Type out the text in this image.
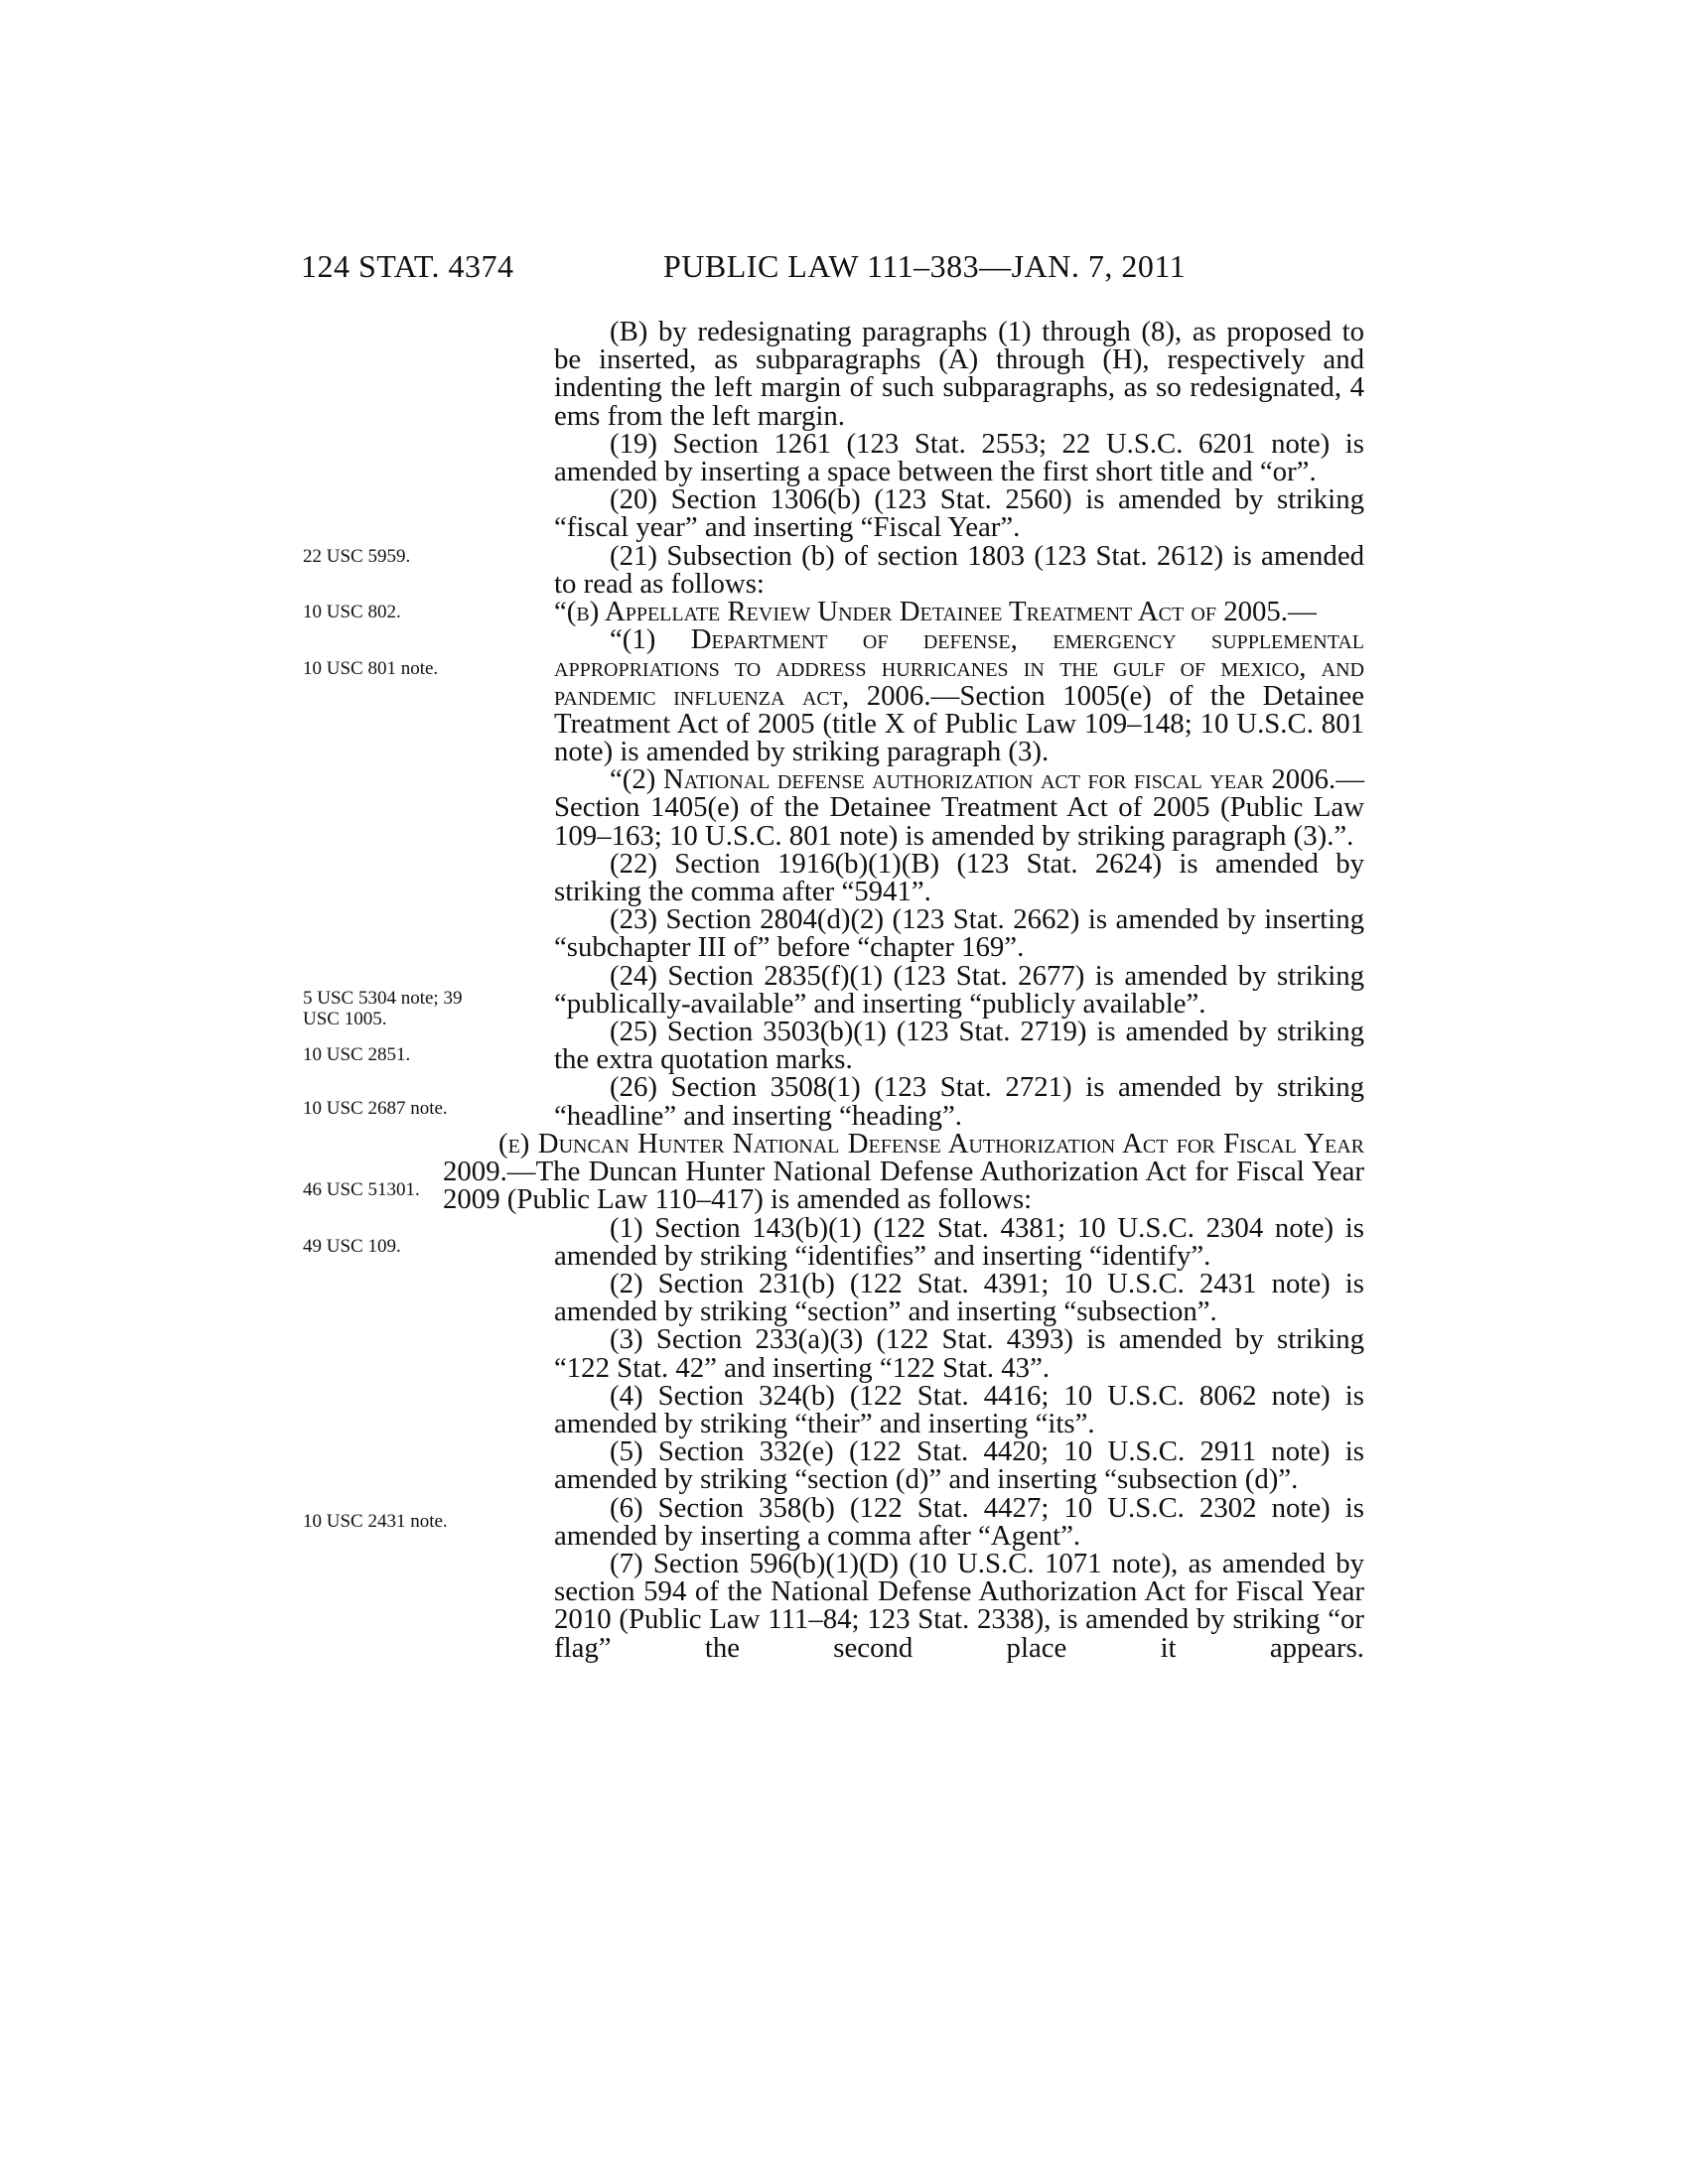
124 STAT. 4374	PUBLIC LAW 111–383—JAN. 7, 2011
22 USC 5959.
10 USC 802.
10 USC 801 note.
5 USC 5304 note; 39 USC 1005.
10 USC 2851.
10 USC 2687 note.
46 USC 51301.
49 USC 109.
10 USC 2431 note.

(B) by redesignating paragraphs (1) through (8), as proposed to be inserted, as subparagraphs (A) through (H), respectively and indenting the left margin of such subparagraphs, as so redesignated, 4 ems from the left margin.

(19) Section 1261 (123 Stat. 2553; 22 U.S.C. 6201 note) is amended by inserting a space between the first short title and “or”.

(20) Section 1306(b) (123 Stat. 2560) is amended by striking “fiscal year” and inserting “Fiscal Year”.

(21) Subsection (b) of section 1803 (123 Stat. 2612) is amended to read as follows:

“(b) Appellate Review Under Detainee Treatment Act of 2005.—

“(1) Department of defense, emergency supplemental appropriations to address hurricanes in the gulf of mexico, and pandemic influenza act, 2006.—Section 1005(e) of the Detainee Treatment Act of 2005 (title X of Public Law 109–148; 10 U.S.C. 801 note) is amended by striking paragraph (3).

“(2) National defense authorization act for fiscal year 2006.—Section 1405(e) of the Detainee Treatment Act of 2005 (Public Law 109–163; 10 U.S.C. 801 note) is amended by striking paragraph (3).”.

(22) Section 1916(b)(1)(B) (123 Stat. 2624) is amended by striking the comma after “5941”.

(23) Section 2804(d)(2) (123 Stat. 2662) is amended by inserting “subchapter III of” before “chapter 169”.

(24) Section 2835(f)(1) (123 Stat. 2677) is amended by striking “publically-available” and inserting “publicly available”.

(25) Section 3503(b)(1) (123 Stat. 2719) is amended by striking the extra quotation marks.

(26) Section 3508(1) (123 Stat. 2721) is amended by striking “headline” and inserting “heading”.

(e) Duncan Hunter National Defense Authorization Act for Fiscal Year 2009.—The Duncan Hunter National Defense Authorization Act for Fiscal Year 2009 (Public Law 110–417) is amended as follows:

(1) Section 143(b)(1) (122 Stat. 4381; 10 U.S.C. 2304 note) is amended by striking “identifies” and inserting “identify”.

(2) Section 231(b) (122 Stat. 4391; 10 U.S.C. 2431 note) is amended by striking “section” and inserting “subsection”.

(3) Section 233(a)(3) (122 Stat. 4393) is amended by striking “122 Stat. 42” and inserting “122 Stat. 43”.

(4) Section 324(b) (122 Stat. 4416; 10 U.S.C. 8062 note) is amended by striking “their” and inserting “its”.

(5) Section 332(e) (122 Stat. 4420; 10 U.S.C. 2911 note) is amended by striking “section (d)” and inserting “subsection (d)”.

(6) Section 358(b) (122 Stat. 4427; 10 U.S.C. 2302 note) is amended by inserting a comma after “Agent”.

(7) Section 596(b)(1)(D) (10 U.S.C. 1071 note), as amended by section 594 of the National Defense Authorization Act for Fiscal Year 2010 (Public Law 111–84; 123 Stat. 2338), is amended by striking “or flag” the second place it appears.
